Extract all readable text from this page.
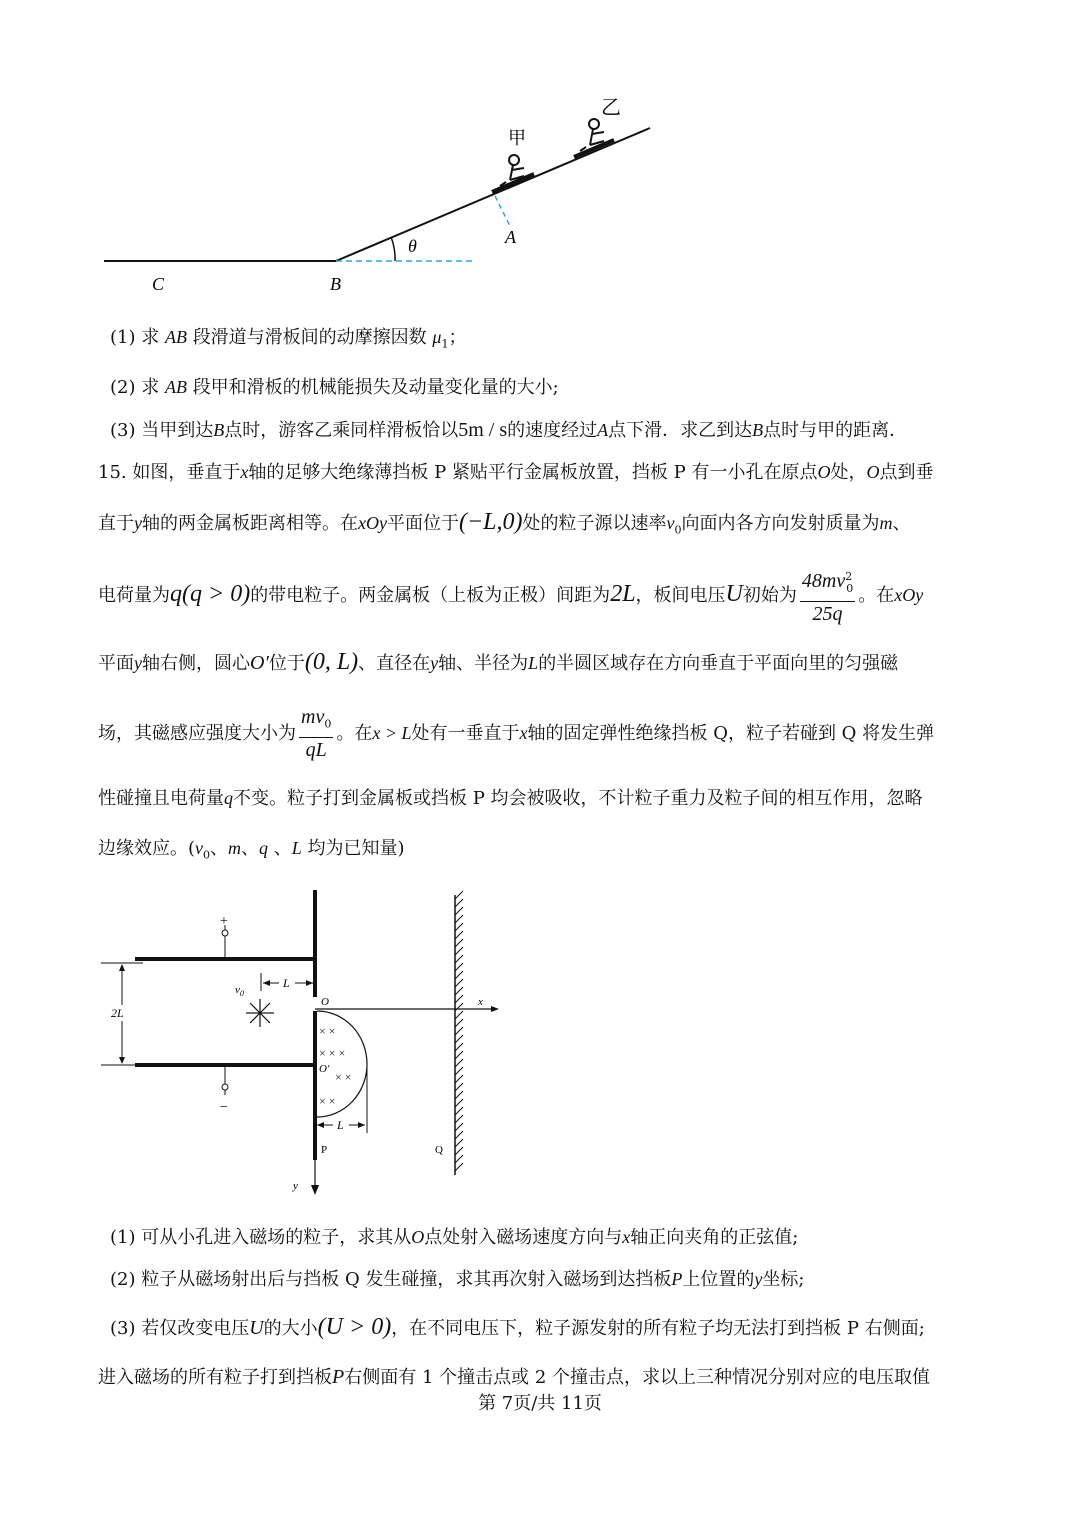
甲
乙
θ	A
B
C
(1) 求 AB 段滑道与滑板间的动摩擦因数 $\mu_1$；
(2) 求 AB 段甲和滑板的机械能损失及动量变化量的大小;
(3) 当甲到达B点时，游客乙乘同样滑板恰以5m / s的速度经过A点下滑．求乙到达B点时与甲的距离．
15. 如图，垂直于x轴的足够大绝缘薄挡板 P 紧贴平行金属板放置，挡板 P 有一小孔在原点O处，O点到垂
直于y轴的两金属板距离相等。在xOy平面位于(−L,0)处的粒子源以速率$v_0$向面内各方向发射质量为m、
电荷量为q(q > 0)的带电粒子。两金属板（上板为正极）间距为2L，板间电压U初始为 $\frac{48mv^2_0}{25q}$ 。在xOy
平面y轴右侧，圆心O′位于(0, L)、直径在y轴、半径为L的半圆区域存在方向垂直于平面向里的匀强磁
场，其磁感应强度大小为 $\frac{mv_0}{qL}$ 。在x > L处有一垂直于x轴的固定弹性绝缘挡板 Q，粒子若碰到 Q 将发生弹
性碰撞且电荷量q不变。粒子打到金属板或挡板 P 均会被吸收，不计粒子重力及粒子间的相互作用，忽略
边缘效应。($v_0$、m、q 、L 均为已知量)
+
−
2L
L
$v_0$
× ×
× × ×
× ×
× ×
O′
O
L
x
y
P	Q
(1) 可从小孔进入磁场的粒子，求其从O点处射入磁场速度方向与x轴正向夹角的正弦值;
(2) 粒子从磁场射出后与挡板 Q 发生碰撞，求其再次射入磁场到达挡板P上位置的y坐标;
(3) 若仅改变电压U的大小(U > 0)，在不同电压下，粒子源发射的所有粒子均无法打到挡板 P 右侧面;
进入磁场的所有粒子打到挡板P右侧面有 1 个撞击点或 2 个撞击点，求以上三种情况分别对应的电压取值
第 7页/共 11页
